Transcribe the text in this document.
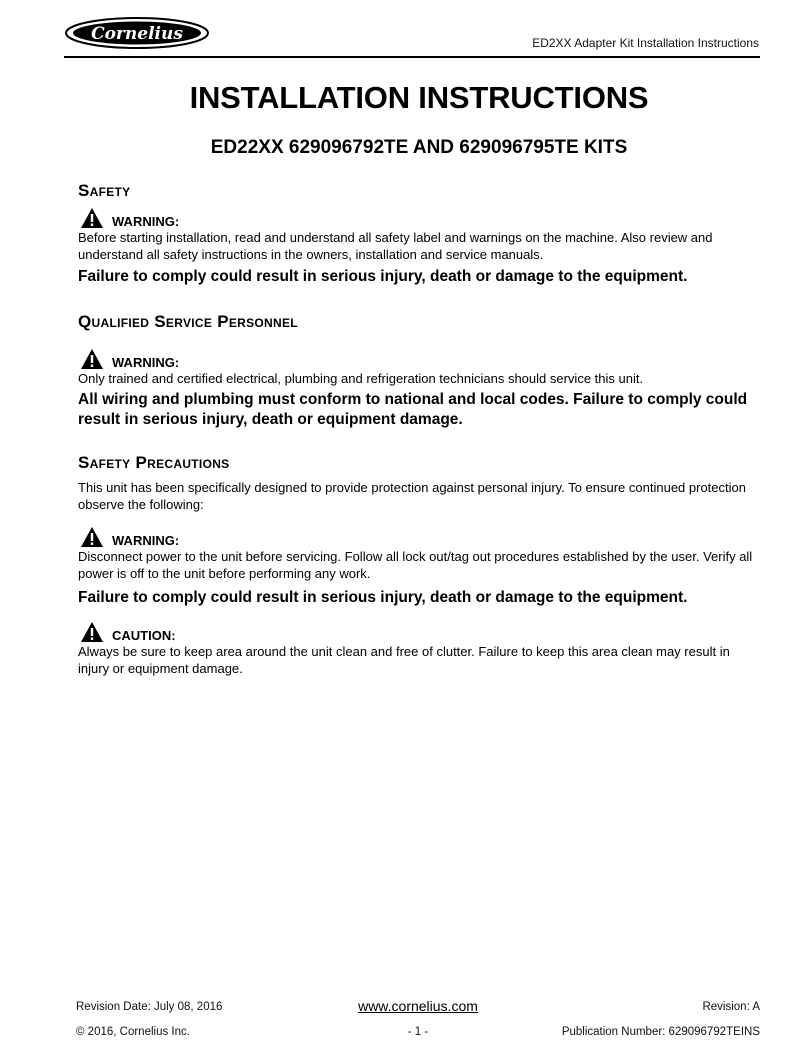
Cornelius	ED2XX Adapter Kit Installation Instructions
INSTALLATION INSTRUCTIONS
ED22XX 629096792TE AND 629096795TE KITS
Safety
WARNING:

Before starting installation, read and understand all safety label and warnings on the machine. Also review and understand all safety instructions in the owners, installation and service manuals.

Failure to comply could result in serious injury, death or damage to the equipment.

Qualified Service Personnel
WARNING:

Only trained and certified electrical, plumbing and refrigeration technicians should service this unit.

All wiring and plumbing must conform to national and local codes. Failure to comply could result in serious injury, death or equipment damage.

Safety Precautions

This unit has been specifically designed to provide protection against personal injury. To ensure continued protection observe the following:

WARNING:

Disconnect power to the unit before servicing. Follow all lock out/tag out procedures established by the user. Verify all power is off to the unit before performing any work.

Failure to comply could result in serious injury, death or damage to the equipment.

CAUTION:

Always be sure to keep area around the unit clean and free of clutter. Failure to keep this area clean may result in injury or equipment damage.

Revision Date: July 08, 2016	www.cornelius.com	Revision: A
© 2016, Cornelius Inc.	- 1 -	Publication Number: 629096792TEINS
